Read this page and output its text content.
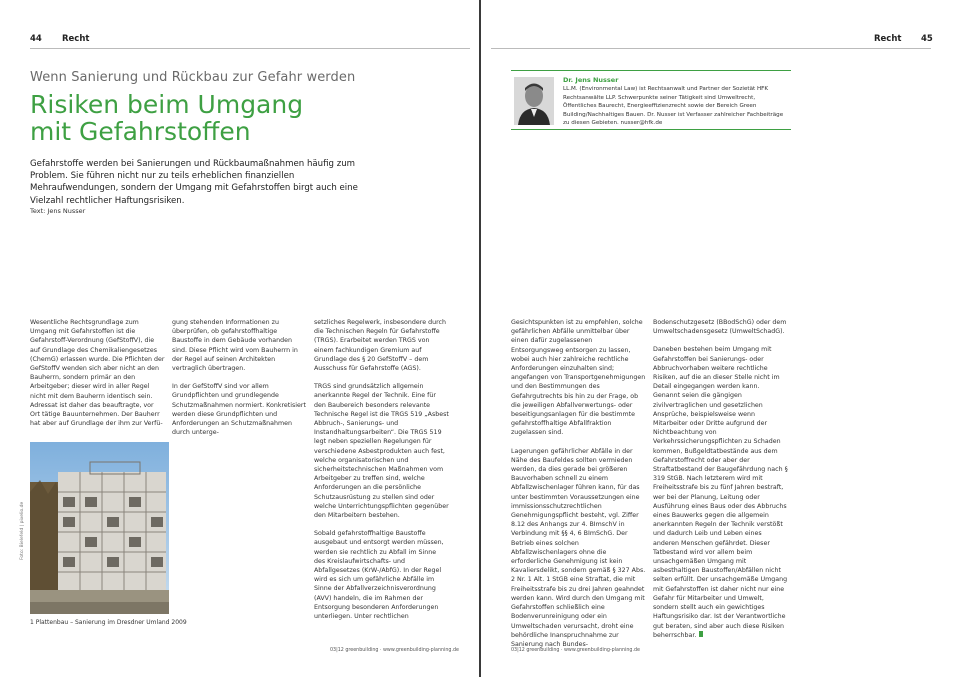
44 Recht
Wenn Sanierung und Rückbau zur Gefahr werden
Risiken beim Umgang
mit Gefahrstoffen
Gefahrstoffe werden bei Sanierungen und Rückbaumaßnahmen häufig zum Problem. Sie führen nicht nur zu teils erheblichen finanziellen Mehraufwendungen, sondern der Umgang mit Gefahrstoffen birgt auch eine Vielzahl rechtlicher Haftungsrisiken.
Text: Jens Nusser

Wesentliche Rechtsgrundlage zum Umgang mit Gefahrstoffen ist die Gefahrstoff-Verordnung (GefStoffV), die auf Grundlage des Chemikaliengesetzes (ChemG) erlassen wurde. Die Pflichten der GefStoffV wenden sich aber nicht an den Bauherrn, sondern primär an den Arbeitgeber; dieser wird in aller Regel nicht mit dem Bauherrn identisch sein. Adressat ist daher das beauftragte, vor Ort tätige Bauunternehmen. Der Bauherr hat aber auf Grundlage der ihm zur Verfü-

gung stehenden Informationen zu überprüfen, ob gefahrstoffhaltige Baustoffe in dem Gebäude vorhanden sind. Diese Pflicht wird vom Bauherrn in der Regel auf seinen Architekten vertraglich übertragen.

In der GefStoffV sind vor allem Grundpflichten und grundlegende Schutzmaßnahmen normiert. Konkretisiert werden diese Grundpflichten und Anforderungen an Schutzmaßnahmen durch unterge-

setzliches Regelwerk, insbesondere durch die Technischen Regeln für Gefahrstoffe (TRGS). Erarbeitet werden TRGS von einem fachkundigen Gremium auf Grundlage des § 20 GefStoffV – dem Ausschuss für Gefahrstoffe (AGS).

TRGS sind grundsätzlich allgemein anerkannte Regel der Technik. Eine für den Baubereich besonders relevante Technische Regel ist die TRGS 519 „Asbest Abbruch-, Sanierungs- und Instandhaltungsarbeiten“. Die TRGS 519 legt neben speziellen Regelungen für verschiedene Asbestprodukten auch fest, welche organisatorischen und sicherheitstechnischen Maßnahmen vom Arbeitgeber zu treffen sind, welche Anforderungen an die persönliche Schutzausrüstung zu stellen sind oder welche Unterrichtungspflichten gegenüber den Mitarbeitern bestehen.

Sobald gefahrstoffhaltige Baustoffe ausgebaut und entsorgt werden müssen, werden sie rechtlich zu Abfall im Sinne des Kreislaufwirtschafts- und Abfallgesetzes (KrW-/AbfG). In der Regel wird es sich um gefährliche Abfälle im Sinne der Abfallverzeichnisverordnung (AVV) handeln, die im Rahmen der Entsorgung besonderen Anforderungen unterliegen. Unter rechtlichen

Foto: Bielefeld | pixelio.de
1 Plattenbau – Sanierung im Dresdner Umland 2009
03|12 greenbuilding · www.greenbuilding-planning.de
Recht 45
Dr. Jens Nusser
LL.M. (Environmental Law) ist Rechtsanwalt und Partner der Sozietät HFK Rechtsanwälte LLP. Schwerpunkte seiner Tätigkeit sind Umweltrecht, Öffentliches Baurecht, Energieeffizienzrecht sowie der Bereich Green Building/Nachhaltiges Bauen. Dr. Nusser ist Verfasser zahlreicher Fachbeiträge zu diesen Gebieten. nusser@hfk.de

Gesichtspunkten ist zu empfehlen, solche gefährlichen Abfälle unmittelbar über einen dafür zugelassenen Entsorgungsweg entsorgen zu lassen, wobei auch hier zahlreiche rechtliche Anforderungen einzuhalten sind; angefangen von Transportgenehmigungen und den Bestimmungen des Gefahrgutrechts bis hin zu der Frage, ob die jeweiligen Abfallverwertungs- oder beseitigungsanlagen für die bestimmte gefahrstoffhaltige Abfallfraktion zugelassen sind.

Lagerungen gefährlicher Abfälle in der Nähe des Baufeldes sollten vermieden werden, da dies gerade bei größeren Bauvorhaben schnell zu einem Abfallzwischenlager führen kann, für das unter bestimmten Voraussetzungen eine immissionsschutzrechtlichen Genehmigungspflicht besteht, vgl. Ziffer 8.12 des Anhangs zur 4. BImschV in Verbindung mit §§ 4, 6 BImSchG. Der Betrieb eines solchen Abfallzwischenlagers ohne die erforderliche Genehmigung ist kein Kavaliersdelikt, sondern gemäß § 327 Abs. 2 Nr. 1 Alt. 1 StGB eine Straftat, die mit Freiheitsstrafe bis zu drei Jahren geahndet werden kann. Wird durch den Umgang mit Gefahrstoffen schließlich eine Bodenverunreinigung oder ein Umweltschaden verursacht, droht eine behördliche Inanspruchnahme zur Sanierung nach Bundes-

Bodenschutzgesetz (BBodSchG) oder dem Umweltschadensgesetz (UmweltSchadG).

Daneben bestehen beim Umgang mit Gefahrstoffen bei Sanierungs- oder Abbruchvorhaben weitere rechtliche Risiken, auf die an dieser Stelle nicht im Detail eingegangen werden kann. Genannt seien die gängigen zivilvertraglichen und gesetzlichen Ansprüche, beispielsweise wenn Mitarbeiter oder Dritte aufgrund der Nichtbeachtung von Verkehrssicherungspflichten zu Schaden kommen, Bußgeldtatbestände aus dem Gefahrstoffrecht oder aber der Straftatbestand der Baugefährdung nach § 319 StGB. Nach letzterem wird mit Freiheitsstrafe bis zu fünf Jahren bestraft, wer bei der Planung, Leitung oder Ausführung eines Baus oder des Abbruchs eines Bauwerks gegen die allgemein anerkannten Regeln der Technik verstößt und dadurch Leib und Leben eines anderen Menschen gefährdet. Dieser Tatbestand wird vor allem beim unsachgemäßen Umgang mit asbesthaltigen Baustoffen/Abfällen nicht selten erfüllt. Der unsachgemäße Umgang mit Gefahrstoffen ist daher nicht nur eine Gefahr für Mitarbeiter und Umwelt, sondern stellt auch ein gewichtiges Haftungsrisiko dar. Ist der Verantwortliche gut beraten, sind aber auch diese Risiken beherrschbar.

03|12 greenbuilding · www.greenbuilding-planning.de
